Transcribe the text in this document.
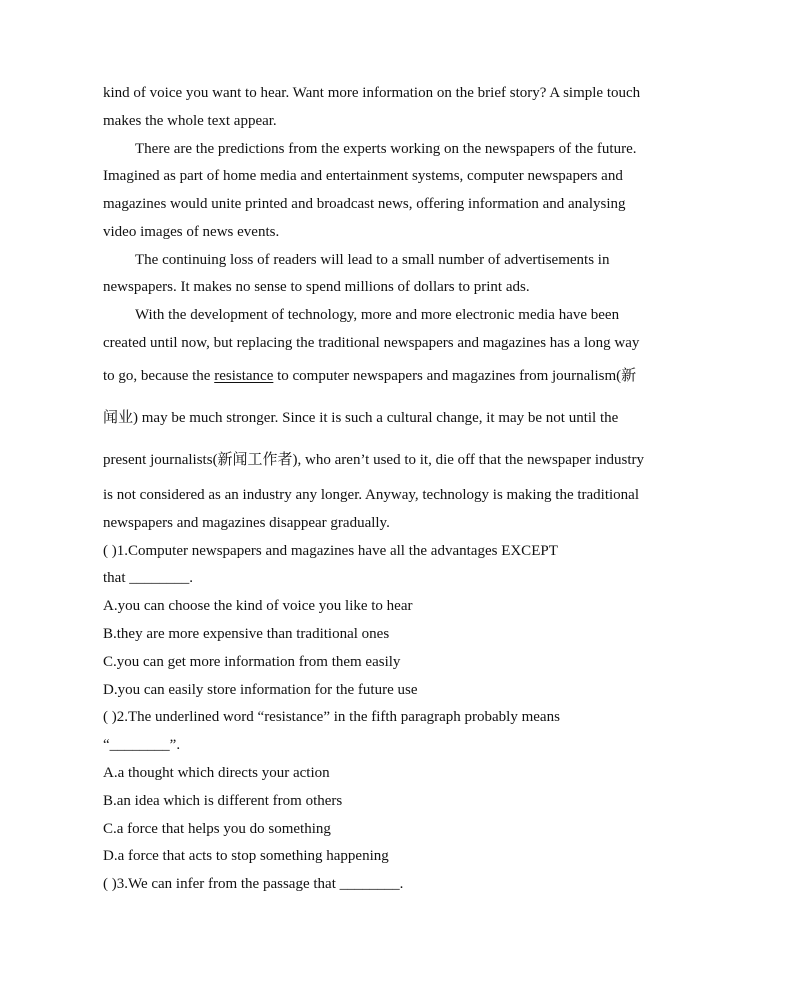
kind of voice you want to hear. Want more information on the brief story? A simple touch
makes the whole text appear.
There are the predictions from the experts working on the newspapers of the future.
Imagined as part of home media and entertainment systems, computer newspapers and
magazines would unite printed and broadcast news, offering information and analysing
video images of news events.
The continuing loss of readers will lead to a small number of advertisements in
newspapers. It makes no sense to spend millions of dollars to print ads.
With the development of technology, more and more electronic media have been
created until now, but replacing the traditional newspapers and magazines has a long way
to go, because the resistance to computer newspapers and magazines from journalism(新
闻业) may be much stronger. Since it is such a cultural change, it may be not until the
present journalists(新闻工作者), who aren’t used to it, die off that the newspaper industry
is not considered as an industry any longer. Anyway, technology is making the traditional
newspapers and magazines disappear gradually.
( )1.Computer newspapers and magazines have all the advantages EXCEPT
that ________.
A.you can choose the kind of voice you like to hear
B.they are more expensive than traditional ones
C.you can get more information from them easily
D.you can easily store information for the future use
( )2.The underlined word “resistance” in the fifth paragraph probably means
“________”.
A.a thought which directs your action
B.an idea which is different from others
C.a force that helps you do something
D.a force that acts to stop something happening
( )3.We can infer from the passage that ________.
